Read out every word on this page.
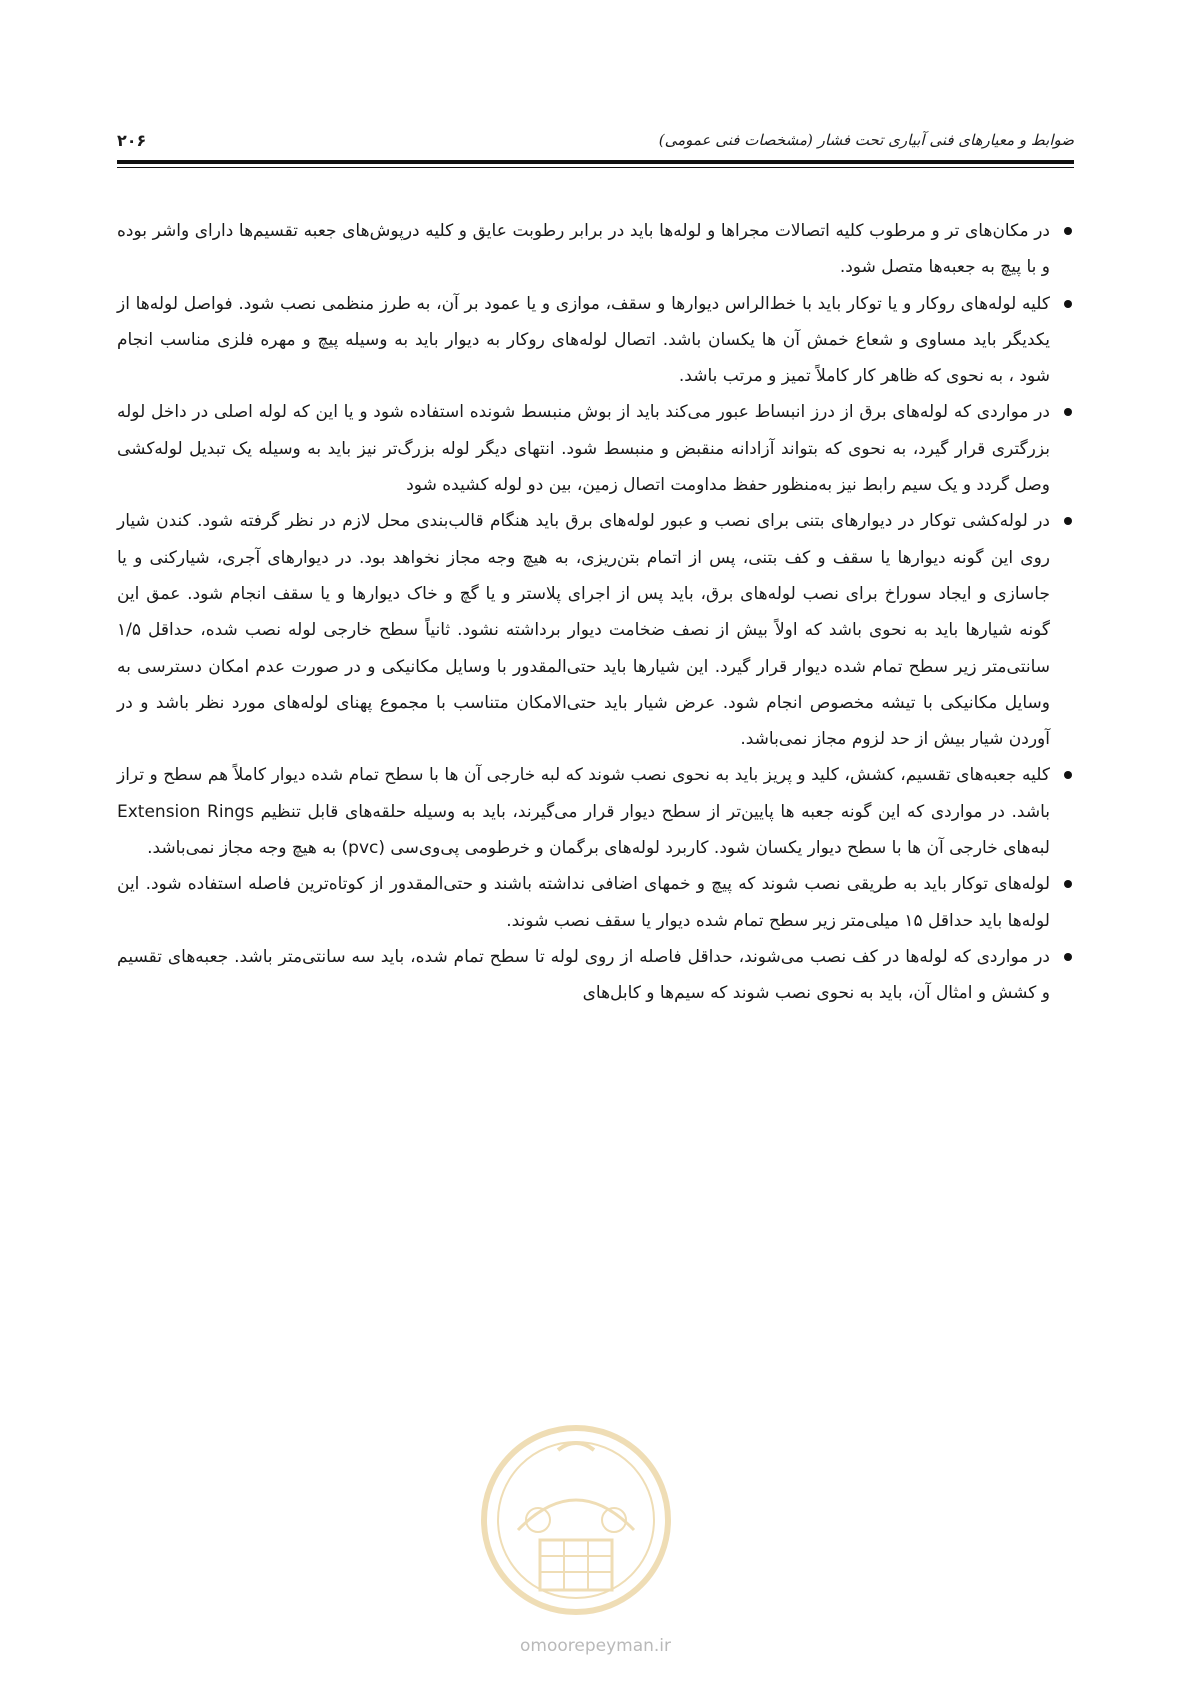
۲۰۶	ضوابط و معیارهای فنی آبیاری تحت فشار (مشخصات فنی عمومی)
در مکان‌های تر و مرطوب کلیه اتصالات مجراها و لوله‌ها باید در برابر رطوبت عایق و کلیه درپوش‌های جعبه تقسیم‌ها دارای واشر بوده و با پیچ به جعبه‌ها متصل شود.
کلیه لوله‌های روکار و یا توکار باید با خط‌الراس دیوارها و سقف، موازی و یا عمود بر آن، به طرز منظمی نصب شود. فواصل لوله‌ها از یکدیگر باید مساوی و شعاع خمش آن ها یکسان باشد. اتصال لوله‌های روکار به دیوار باید به وسیله پیچ و مهره فلزی مناسب انجام شود ، به نحوی که ظاهر کار کاملاً تمیز و مرتب باشد.
در مواردی که لوله‌های برق از درز انبساط عبور می‌کند باید از بوش منبسط شونده استفاده شود و یا این که لوله اصلی در داخل لوله بزرگتری قرار گیرد، به نحوی که بتواند آزادانه منقبض و منبسط شود. انتهای دیگر لوله بزرگ‌تر نیز باید به وسیله یک تبدیل لوله‌کشی وصل گردد و یک سیم رابط نیز به‌منظور حفظ مداومت اتصال زمین، بین دو لوله کشیده شود
در لوله‌کشی توکار در دیوارهای بتنی برای نصب و عبور لوله‌های برق باید هنگام قالب‌بندی محل لازم در نظر گرفته شود. کندن شیار روی این گونه دیوارها یا سقف و کف بتنی، پس از اتمام بتن‌ریزی، به هیچ وجه مجاز نخواهد بود. در دیوارهای آجری، شیارکنی و یا جاسازی و ایجاد سوراخ برای نصب لوله‌های برق، باید پس از اجرای پلاستر و یا گچ و خاک دیوارها و یا سقف انجام شود. عمق این گونه شیارها باید به نحوی باشد که اولاً بیش از نصف ضخامت دیوار برداشته نشود. ثانیاً سطح خارجی لوله نصب شده، حداقل ۱/۵ سانتی‌متر زیر سطح تمام شده دیوار قرار گیرد. این شیارها باید حتی‌المقدور با وسایل مکانیکی و در صورت عدم امکان دسترسی به وسایل مکانیکی با تیشه مخصوص انجام شود. عرض شیار باید حتی‌الامکان متناسب با مجموع پهنای لوله‌های مورد نظر باشد و در آوردن شیار بیش از حد لزوم مجاز نمی‌باشد.
کلیه جعبه‌های تقسیم، کشش، کلید و پریز باید به نحوی نصب شوند که لبه خارجی آن ها با سطح تمام شده دیوار کاملاً هم سطح و تراز باشد. در مواردی که این گونه جعبه ها پایین‌تر از سطح دیوار قرار می‌گیرند، باید به وسیله حلقه‌های قابل تنظیم Extension Rings لبه‌های خارجی آن ها با سطح دیوار یکسان شود. کاربرد لوله‌های برگمان و خرطومی پی‌وی‌سی (pvc) به هیچ وجه مجاز نمی‌باشد.
لوله‌های توکار باید به طریقی نصب شوند که پیچ و خمهای اضافی نداشته باشند و حتی‌المقدور از کوتاه‌ترین فاصله استفاده شود. این لوله‌ها باید حداقل ۱۵ میلی‌متر زیر سطح تمام شده دیوار یا سقف نصب شوند.
در مواردی که لوله‌ها در کف نصب می‌شوند، حداقل فاصله از روی لوله تا سطح تمام شده، باید سه سانتی‌متر باشد. جعبه‌های تقسیم و کشش و امثال آن، باید به نحوی نصب شوند که سیم‌ها و کابل‌های
omoorepeyman.ir
